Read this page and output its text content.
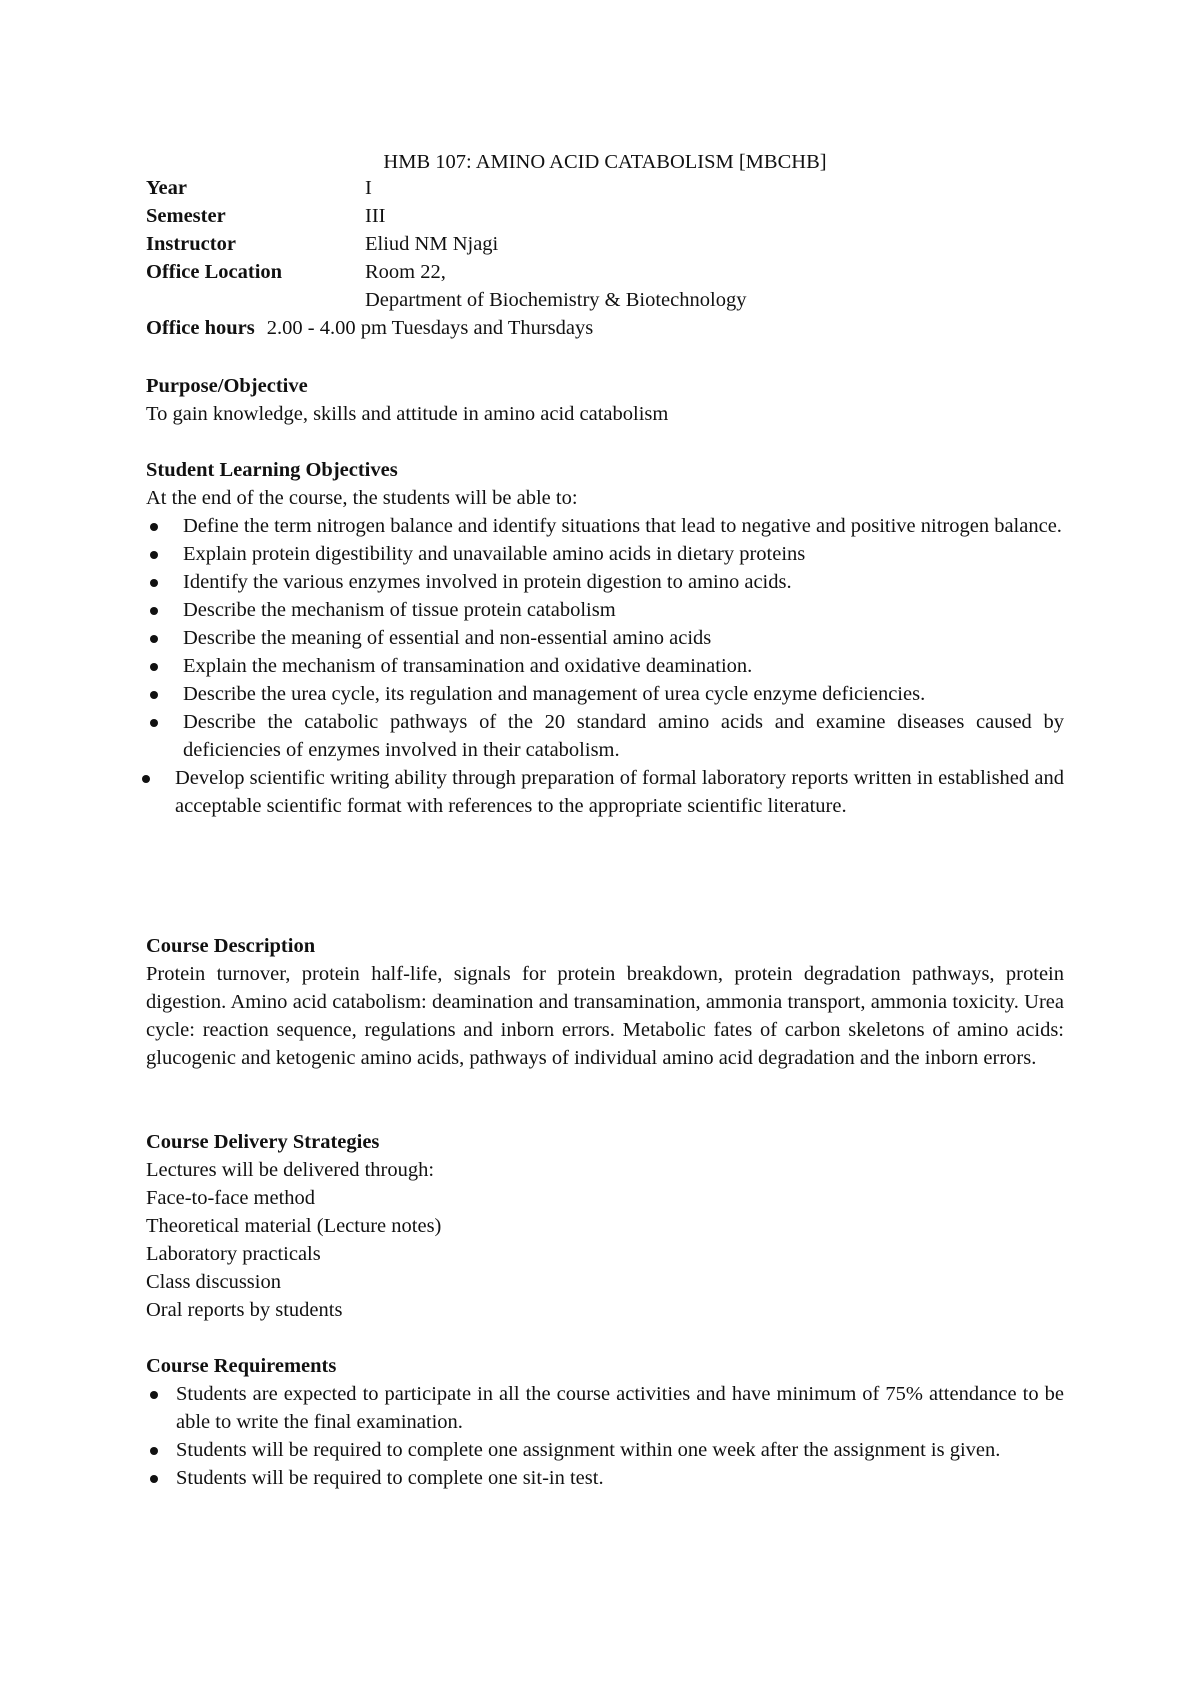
HMB 107: AMINO ACID CATABOLISM [MBCHB]
Year	I
Semester	III
Instructor	Eliud NM Njagi
Office Location	Room 22,
Department of Biochemistry & Biotechnology
Office hours 2.00 - 4.00 pm Tuesdays and Thursdays
Purpose/Objective
To gain knowledge, skills and attitude in amino acid catabolism
Student Learning Objectives
At the end of the course, the students will be able to:
Define the term nitrogen balance and identify situations that lead to negative and positive nitrogen balance.
Explain protein digestibility and unavailable amino acids in dietary proteins
Identify the various enzymes involved in protein digestion to amino acids.
Describe the mechanism of tissue protein catabolism
Describe the meaning of essential and non-essential amino acids
Explain the mechanism of transamination and oxidative deamination.
Describe the urea cycle, its regulation and management of urea cycle enzyme deficiencies.
Describe the catabolic pathways of the 20 standard amino acids and examine diseases caused by deficiencies of enzymes involved in their catabolism.
Develop scientific writing ability through preparation of formal laboratory reports written in established and acceptable scientific format with references to the appropriate scientific literature.
Course Description
Protein turnover, protein half-life, signals for protein breakdown, protein degradation pathways, protein digestion. Amino acid catabolism: deamination and transamination, ammonia transport, ammonia toxicity. Urea cycle: reaction sequence, regulations and inborn errors. Metabolic fates of carbon skeletons of amino acids: glucogenic and ketogenic amino acids, pathways of individual amino acid degradation and the inborn errors.
Course Delivery Strategies
Lectures will be delivered through:
Face-to-face method
Theoretical material (Lecture notes)
Laboratory practicals
Class discussion
Oral reports by students
Course Requirements
Students are expected to participate in all the course activities and have minimum of 75% attendance to be able to write the final examination.
Students will be required to complete one assignment within one week after the assignment is given.
Students will be required to complete one sit-in test.
